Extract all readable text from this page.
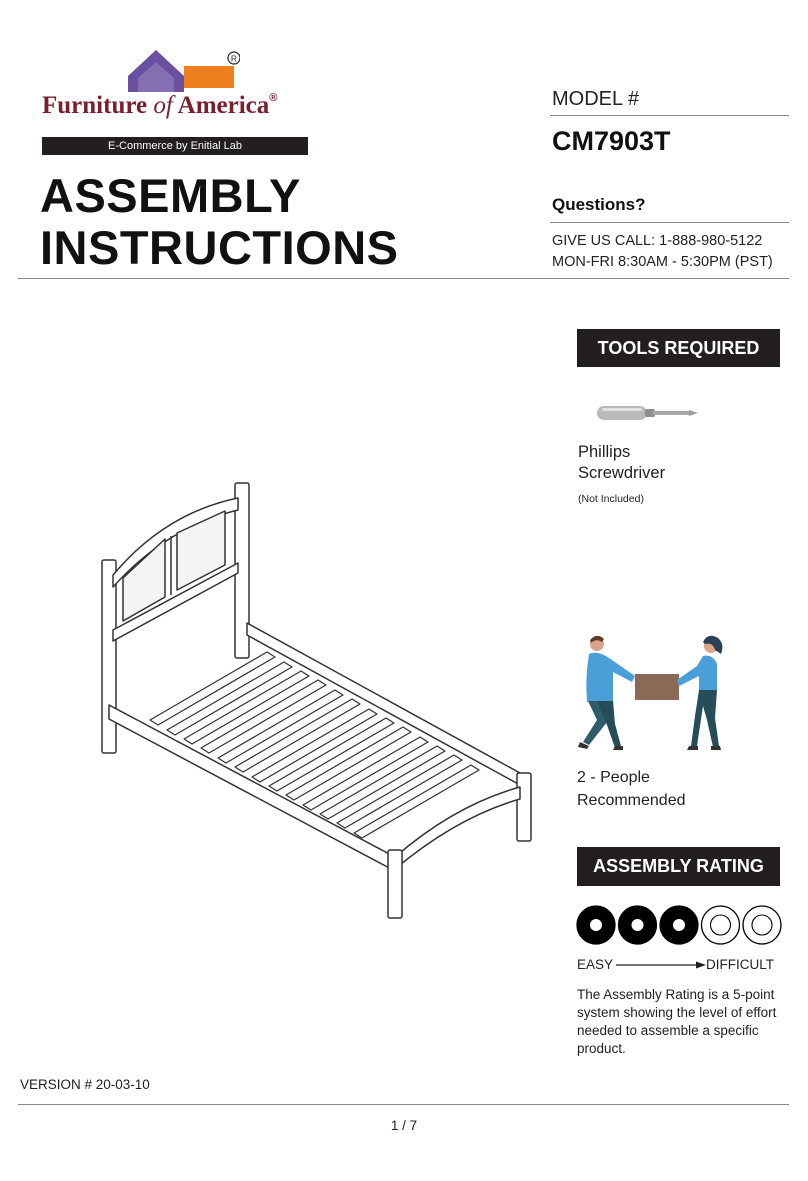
R
Furniture of America®
E-Commerce by Enitial Lab
ASSEMBLY
INSTRUCTIONS
MODEL #
CM7903T
Questions?
GIVE US CALL: 1-888-980-5122
MON-FRI 8:30AM - 5:30PM (PST)
TOOLS REQUIRED
Phillips
Screwdriver
(Not Included)
2 - People
Recommended
ASSEMBLY RATING
EASY	DIFFICULT
The Assembly Rating is a 5-point system showing the level of effort needed to assemble a specific product.
VERSION # 20-03-10
1 / 7
